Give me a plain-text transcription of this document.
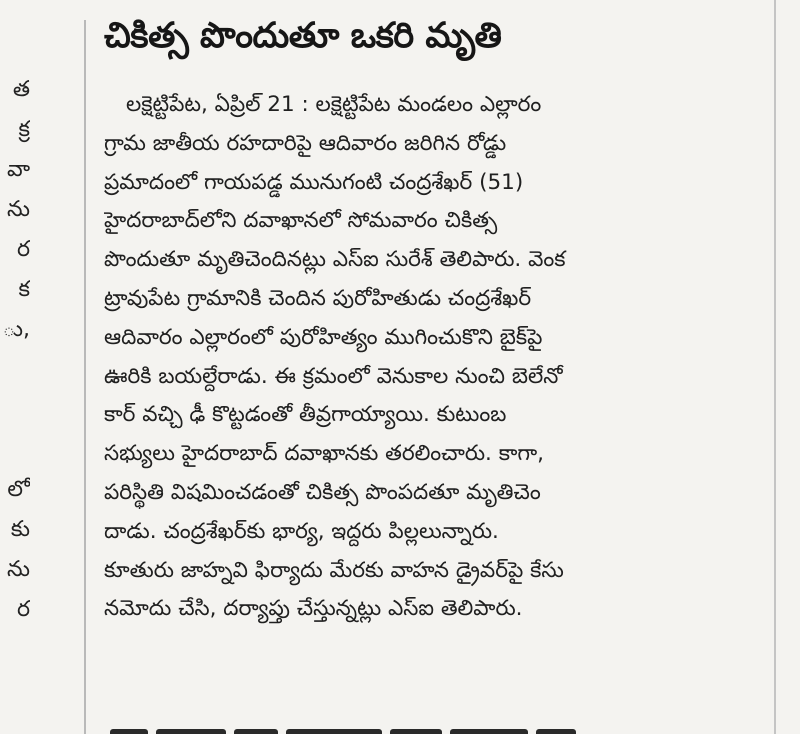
త
క్ర
వా
ను
ర
క
ు,
లో
కు
ను
ర
చికిత్స పొందుతూ ఒకరి మృతి
లక్షెట్టిపేట, ఏప్రిల్ 21 : లక్షెట్టిపేట మండలం ఎల్లారం
గ్రామ జాతీయ రహదారిపై ఆదివారం జరిగిన రోడ్డు
ప్రమాదంలో గాయపడ్డ మునుగంటి చంద్రశేఖర్ (51)
హైదరాబాద్‌లోని దవాఖానలో సోమవారం చికిత్స
పొందుతూ మృతిచెందినట్లు ఎస్ఐ సురేశ్ తెలిపారు. వెంక
ట్రావుపేట గ్రామానికి చెందిన పురోహితుడు చంద్రశేఖర్
ఆదివారం ఎల్లారంలో పురోహిత్యం ముగించుకొని బైక్‌పై
ఊరికి బయల్దేరాడు. ఈ క్రమంలో వెనుకాల నుంచి బెలేనో
కార్ వచ్చి ఢీ కొట్టడంతో తీవ్రగాయ్యాయి. కుటుంబ
సభ్యులు హైదరాబాద్ దవాఖానకు తరలించారు. కాగా,
పరిస్థితి విషమించడంతో చికిత్స పొంపదతూ మృతిచెం
దాడు. చంద్రశేఖర్‌కు భార్య, ఇద్దరు పిల్లలున్నారు.
కూతురు జాహ్నవి ఫిర్యాదు మేరకు వాహన డ్రైవర్‌పై కేసు
నమోదు చేసి, దర్యాప్తు చేస్తున్నట్లు ఎస్ఐ తెలిపారు.
